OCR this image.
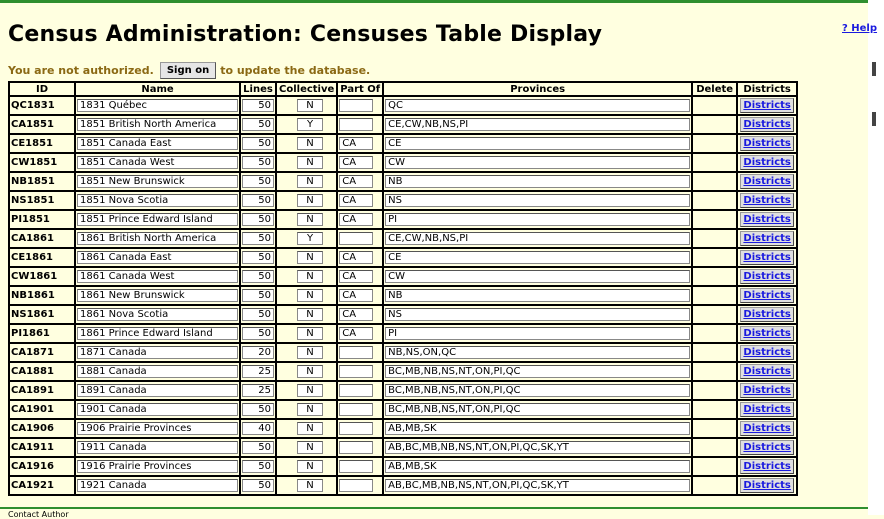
? Help
Census Administration: Censuses Table Display
You are not authorized.	Sign on	to update the database.
ID	Name	Lines	Collective	Part Of	Provinces	Delete	Districts
QC1831	1831 Québec	50	N		QC		Districts

CA1851	1851 British North America	50	Y		CE,CW,NB,NS,PI		Districts

CE1851	1851 Canada East	50	N	CA	CE		Districts

CW1851	1851 Canada West	50	N	CA	CW		Districts

NB1851	1851 New Brunswick	50	N	CA	NB		Districts

NS1851	1851 Nova Scotia	50	N	CA	NS		Districts

PI1851	1851 Prince Edward Island	50	N	CA	PI		Districts

CA1861	1861 British North America	50	Y		CE,CW,NB,NS,PI		Districts

CE1861	1861 Canada East	50	N	CA	CE		Districts

CW1861	1861 Canada West	50	N	CA	CW		Districts

NB1861	1861 New Brunswick	50	N	CA	NB		Districts

NS1861	1861 Nova Scotia	50	N	CA	NS		Districts

PI1861	1861 Prince Edward Island	50	N	CA	PI		Districts

CA1871	1871 Canada	20	N		NB,NS,ON,QC		Districts

CA1881	1881 Canada	25	N		BC,MB,NB,NS,NT,ON,PI,QC		Districts

CA1891	1891 Canada	25	N		BC,MB,NB,NS,NT,ON,PI,QC		Districts

CA1901	1901 Canada	50	N		BC,MB,NB,NS,NT,ON,PI,QC		Districts

CA1906	1906 Prairie Provinces	40	N		AB,MB,SK		Districts

CA1911	1911 Canada	50	N		AB,BC,MB,NB,NS,NT,ON,PI,QC,SK,YT		Districts

CA1916	1916 Prairie Provinces	50	N		AB,MB,SK		Districts

CA1921	1921 Canada	50	N		AB,BC,MB,NB,NS,NT,ON,PI,QC,SK,YT		Districts
Contact Author
